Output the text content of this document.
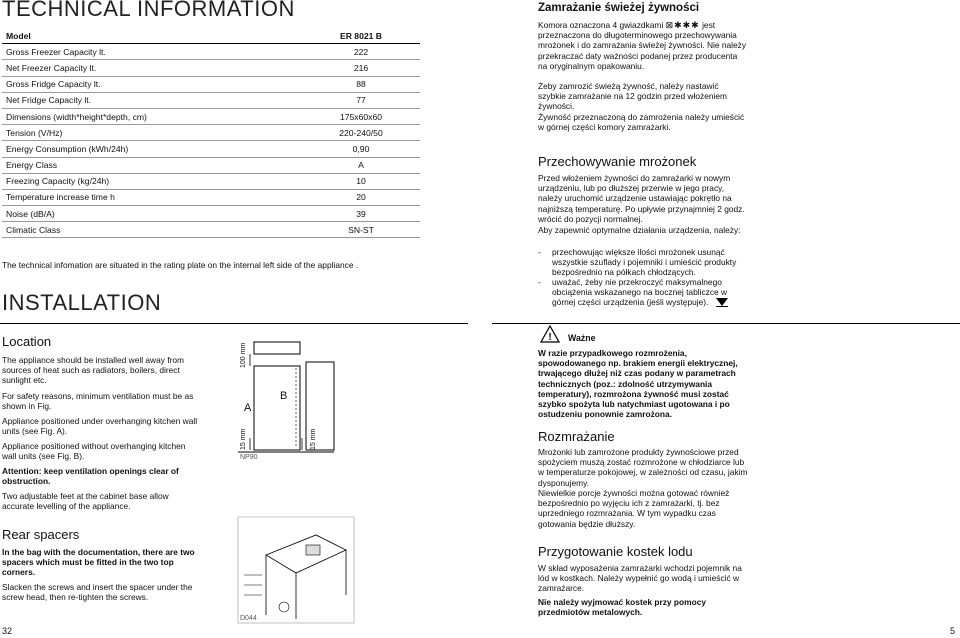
TECHNICAL INFORMATION
Model	ER 8021 B
Gross Freezer Capacity lt.	222
Net Freezer Capacity lt.	216
Gross Fridge Capacity lt.	88
Net Fridge Capacity lt.	77
Dimensions (width*height*depth, cm)	175x60x60
Tension (V/Hz)	220-240/50
Energy Consumption (kWh/24h)	0,90
Energy Class	A
Freezing Capacity (kg/24h)	10
Temperature increase time h	20
Noise (dB/A)	39
Climatic Class	SN-ST
The technical infomation are situated in the rating plate on the internal left side of the appliance .
INSTALLATION
Location
The appliance should be installed well away from sources of heat such as radiators, boilers, direct sunlight etc.
For safety reasons, minimum ventilation must be as shown in Fig.
Appliance positioned under overhanging kitchen wall units (see Fig. A).
Appliance positioned without overhanging kitchen wall units (see Fig. B).
Attention: keep ventilation openings clear of obstruction.
Two adjustable feet at the cabinet base allow accurate levelling of the appliance.
Rear spacers
In the bag with the documentation, there are two spacers which must be fitted in the two top corners.
Slacken the screws and insert the spacer under the screw head, then re-tighten the screws.
100 mm
15 mm	15 mm
A
B
NP90
D044
32
Zamrażanie świeżej żywności
Komora oznaczona 4 gwiazdkami ⊠✱✱✱ jest przeznaczona do długoterminowego przechowywania mrożonek i do zamrażania świeżej żywności. Nie należy przekraczać daty ważności podanej przez producenta na oryginalnym opakowaniu.
Żeby zamrozić świeżą żywność, należy nastawić szybkie zamrażanie na 12 godzin przed włożeniem żywności.
Żywność przeznaczoną do zamrożenia należy umieścić w górnej części komory zamrażarki.
Przechowywanie mrożonek
Przed włożeniem żywności do zamrażarki w nowym urządzeniu, lub po dłuższej przerwie w jego pracy, należy uruchomić urządzenie ustawiając pokrętło na najniższą temperaturę. Po upływie przynajmniej 2 godz. wrócić do pozycji normalnej.
Aby zapewnić optymalne działania urządzenia, należy:
- przechowując większe ilości mrożonek usunąć wszystkie szuflady i pojemniki i umieścić produkty bezpośrednio na półkach chłodzących.
- uważać, żeby nie przekroczyć maksymalnego obciążenia wskazanego na bocznej tabliczce w górnej części urządzenia (jeśli występuje).
! Ważne
W razie przypadkowego rozmrożenia, spowodowanego np. brakiem energii elektrycznej, trwającego dłużej niż czas podany w parametrach technicznych (poz.: zdolność utrzymywania temperatury), rozmrożona żywność musi zostać szybko spożyta lub natychmiast ugotowana i po ostudzeniu ponownie zamrożona.
Rozmrażanie
Mrożonki lub zamrożone produkty żywnościowe przed spożyciem muszą zostać rozmrożone w chłodziarce lub w temperaturze pokojowej, w zależności od czasu, jakim dysponujemy.
Niewielkie porcje żywności można gotować również bezpośrednio po wyjęciu ich z zamrażarki, tj. bez uprzedniego rozmrażania. W tym wypadku czas gotowania będzie dłuższy.
Przygotowanie kostek lodu
W skład wyposażenia zamrażarki wchodzi pojemnik na lód w kostkach. Należy wypełnić go wodą i umieścić w zamrażarce.
Nie należy wyjmować kostek przy pomocy przedmiotów metalowych.
5
